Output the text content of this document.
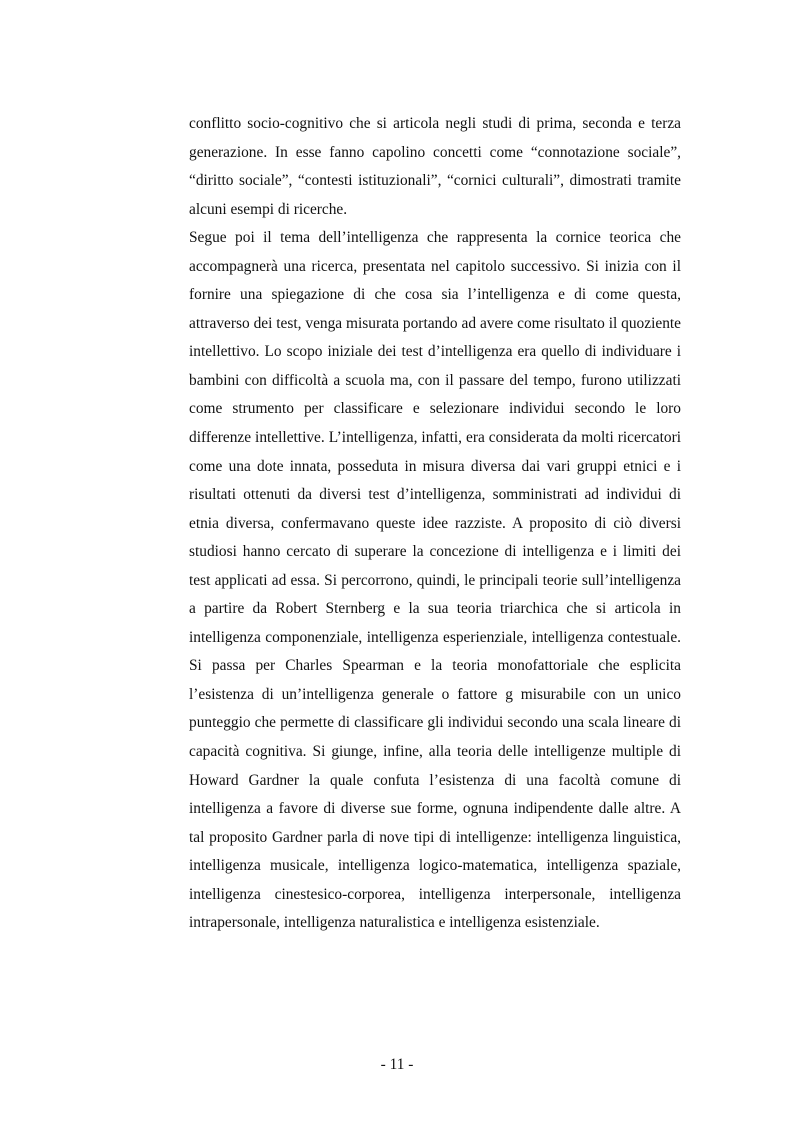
conflitto socio-cognitivo che si articola negli studi di prima, seconda e terza generazione. In esse fanno capolino concetti come “connotazione sociale”, “diritto sociale”, “contesti istituzionali”, “cornici culturali”, dimostrati tramite alcuni esempi di ricerche.

Segue poi il tema dell’intelligenza che rappresenta la cornice teorica che accompagnerà una ricerca, presentata nel capitolo successivo. Si inizia con il fornire una spiegazione di che cosa sia l’intelligenza e di come questa, attraverso dei test, venga misurata portando ad avere come risultato il quoziente intellettivo. Lo scopo iniziale dei test d’intelligenza era quello di individuare i bambini con difficoltà a scuola ma, con il passare del tempo, furono utilizzati come strumento per classificare e selezionare individui secondo le loro differenze intellettive. L’intelligenza, infatti, era considerata da molti ricercatori come una dote innata, posseduta in misura diversa dai vari gruppi etnici e i risultati ottenuti da diversi test d’intelligenza, somministrati ad individui di etnia diversa, confermavano queste idee razziste. A proposito di ciò diversi studiosi hanno cercato di superare la concezione di intelligenza e i limiti dei test applicati ad essa. Si percorrono, quindi, le principali teorie sull’intelligenza a partire da Robert Sternberg e la sua teoria triarchica che si articola in intelligenza componenziale, intelligenza esperienziale, intelligenza contestuale. Si passa per Charles Spearman e la teoria monofattoriale che esplicita l’esistenza di un’intelligenza generale o fattore g misurabile con un unico punteggio che permette di classificare gli individui secondo una scala lineare di capacità cognitiva. Si giunge, infine, alla teoria delle intelligenze multiple di Howard Gardner la quale confuta l’esistenza di una facoltà comune di intelligenza a favore di diverse sue forme, ognuna indipendente dalle altre. A tal proposito Gardner parla di nove tipi di intelligenze: intelligenza linguistica, intelligenza musicale, intelligenza logico-matematica, intelligenza spaziale, intelligenza cinestesico-corporea, intelligenza interpersonale, intelligenza intrapersonale, intelligenza naturalistica e intelligenza esistenziale.

- 11 -
